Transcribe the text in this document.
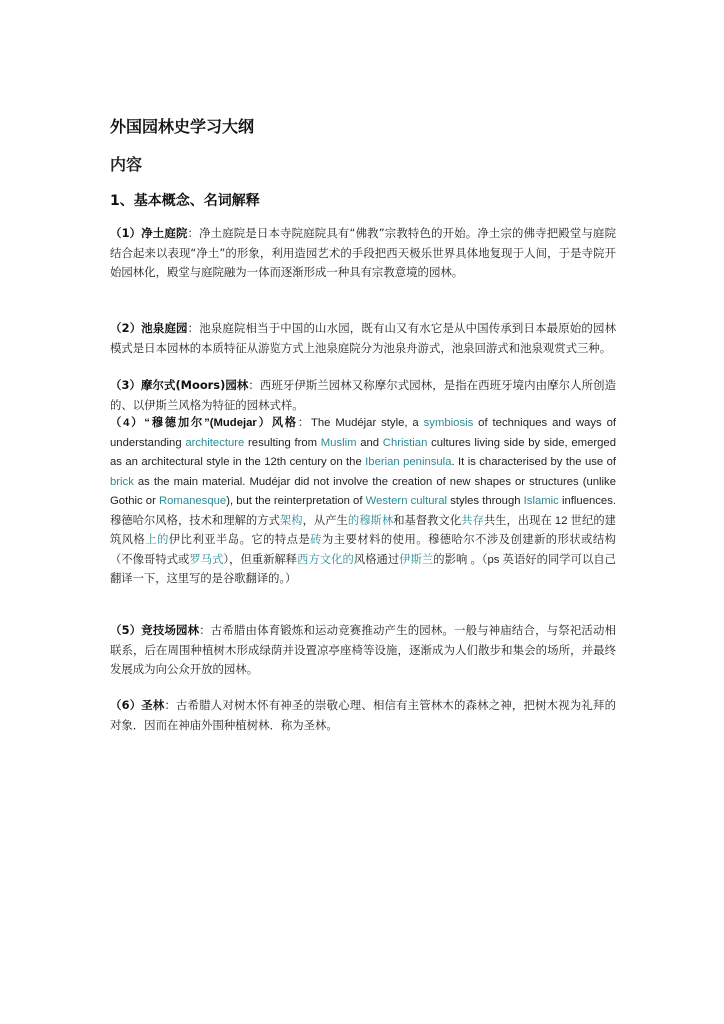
外国园林史学习大纲
内容
1、基本概念、名词解释

（1）净土庭院：净土庭院是日本寺院庭院具有“佛教”宗教特色的开始。净土宗的佛寺把殿堂与庭院结合起来以表现“净土”的形象，利用造园艺术的手段把西天极乐世界具体地复现于人间，于是寺院开始园林化，殿堂与庭院融为一体而逐渐形成一种具有宗教意境的园林。

（2）池泉庭园：池泉庭院相当于中国的山水园，既有山又有水它是从中国传承到日本最原始的园林模式是日本园林的本质特征从游览方式上池泉庭院分为池泉舟游式，池泉回游式和池泉观赏式三种。

（3）摩尔式(Moors)园林：西班牙伊斯兰园林又称摩尔式园林，是指在西班牙境内由摩尔人所创造的、以伊斯兰风格为特征的园林式样。

（4）“穆德加尔”(Mudejar）风格：The Mudéjar style, a symbiosis of techniques and ways of understanding architecture resulting from Muslim and Christian cultures living side by side, emerged as an architectural style in the 12th century on the Iberian peninsula. It is characterised by the use of brick as the main material. Mudéjar did not involve the creation of new shapes or structures (unlike Gothic or Romanesque), but the reinterpretation of Western cultural styles through Islamic influences. 穆德哈尔风格，技术和理解的方式架构，从产生的穆斯林和基督教文化共存共生，出现在 12 世纪的建筑风格上的伊比利亚半岛。它的特点是砖为主要材料的使用。穆德哈尔不涉及创建新的形状或结构（不像哥特式或罗马式），但重新解释西方文化的风格通过伊斯兰的影响 。（ps 英语好的同学可以自己翻译一下，这里写的是谷歌翻译的。）

（5）竞技场园林：古希腊由体育锻炼和运动竞赛推动产生的园林。一般与神庙结合，与祭祀活动相联系，后在周围种植树木形成绿荫并设置凉亭座椅等设施，逐渐成为人们散步和集会的场所，并最终发展成为向公众开放的园林。

（6）圣林：古希腊人对树木怀有神圣的崇敬心理、相信有主管林木的森林之神，把树木视为礼拜的对象．因而在神庙外围种植树林．称为圣林。
